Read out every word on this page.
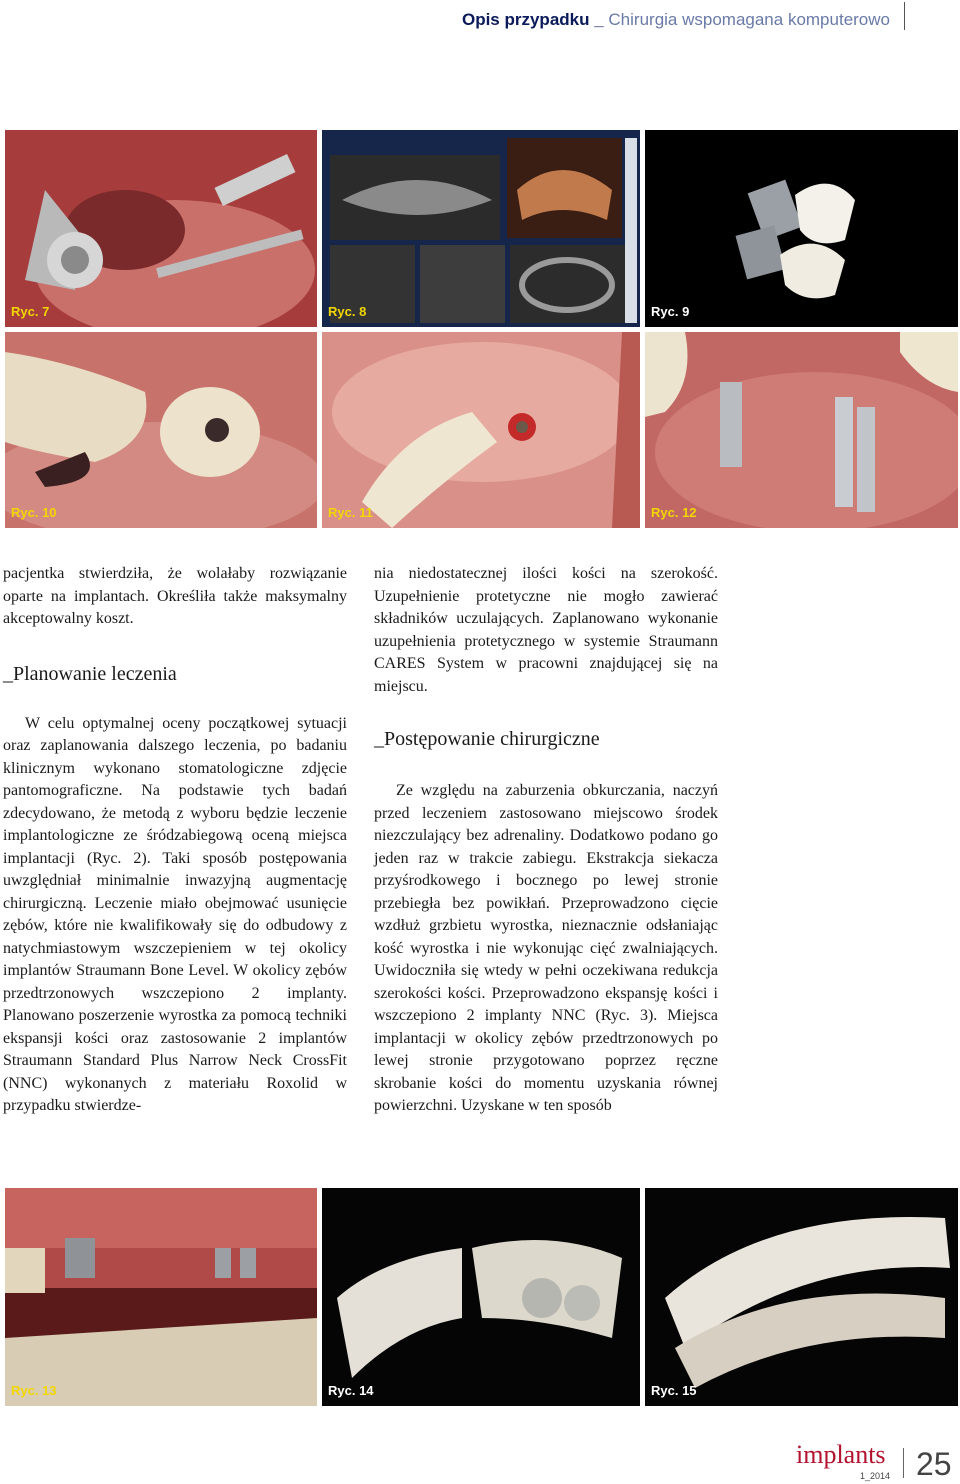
Opis przypadku _ Chirurgia wspomagana komputerowo
Ryc. 7	Ryc. 8	Ryc. 9
Ryc. 10	Ryc. 11	Ryc. 12

pacjentka stwierdziła, że wolałaby rozwiązanie oparte na implantach. Określiła także maksymalny akceptowalny koszt.

_Planowanie leczenia

W celu optymalnej oceny początkowej sytuacji oraz zaplanowania dalszego leczenia, po badaniu klinicznym wykonano stomatologiczne zdjęcie pantomograficzne. Na podstawie tych badań zdecydowano, że metodą z wyboru będzie leczenie implantologiczne ze śródzabiegową oceną miejsca implantacji (Ryc. 2). Taki sposób postępowania uwzględniał minimalnie inwazyjną augmentację chirurgiczną. Leczenie miało obejmować usunięcie zębów, które nie kwalifikowały się do odbudowy z natychmiastowym wszczepieniem w tej okolicy implantów Straumann Bone Level. W okolicy zębów przedtrzonowych wszczepiono 2 implanty. Planowano poszerzenie wyrostka za pomocą techniki ekspansji kości oraz zastosowanie 2 implantów Straumann Standard Plus Narrow Neck CrossFit (NNC) wykonanych z materiału Roxolid w przypadku stwierdze-

nia niedostatecznej ilości kości na szerokość. Uzupełnienie protetyczne nie mogło zawierać składników uczulających. Zaplanowano wykonanie uzupełnienia protetycznego w systemie Straumann CARES System w pracowni znajdującej się na miejscu.

_Postępowanie chirurgiczne

Ze względu na zaburzenia obkurczania, naczyń przed leczeniem zastosowano miejscowo środek niezczulający bez adrenaliny. Dodatkowo podano go jeden raz w trakcie zabiegu. Ekstrakcja siekacza przyśrodkowego i bocznego po lewej stronie przebiegła bez powikłań. Przeprowadzono cięcie wzdłuż grzbietu wyrostka, nieznacznie odsłaniając kość wyrostka i nie wykonując cięć zwalniających. Uwidoczniła się wtedy w pełni oczekiwana redukcja szerokości kości. Przeprowadzono ekspansję kości i wszczepiono 2 implanty NNC (Ryc. 3). Miejsca implantacji w okolicy zębów przedtrzonowych po lewej stronie przygotowano poprzez ręczne skrobanie kości do momentu uzyskania równej powierzchni. Uzyskane w ten sposób

Ryc. 13	Ryc. 14	Ryc. 15
implants
1_2014 25
